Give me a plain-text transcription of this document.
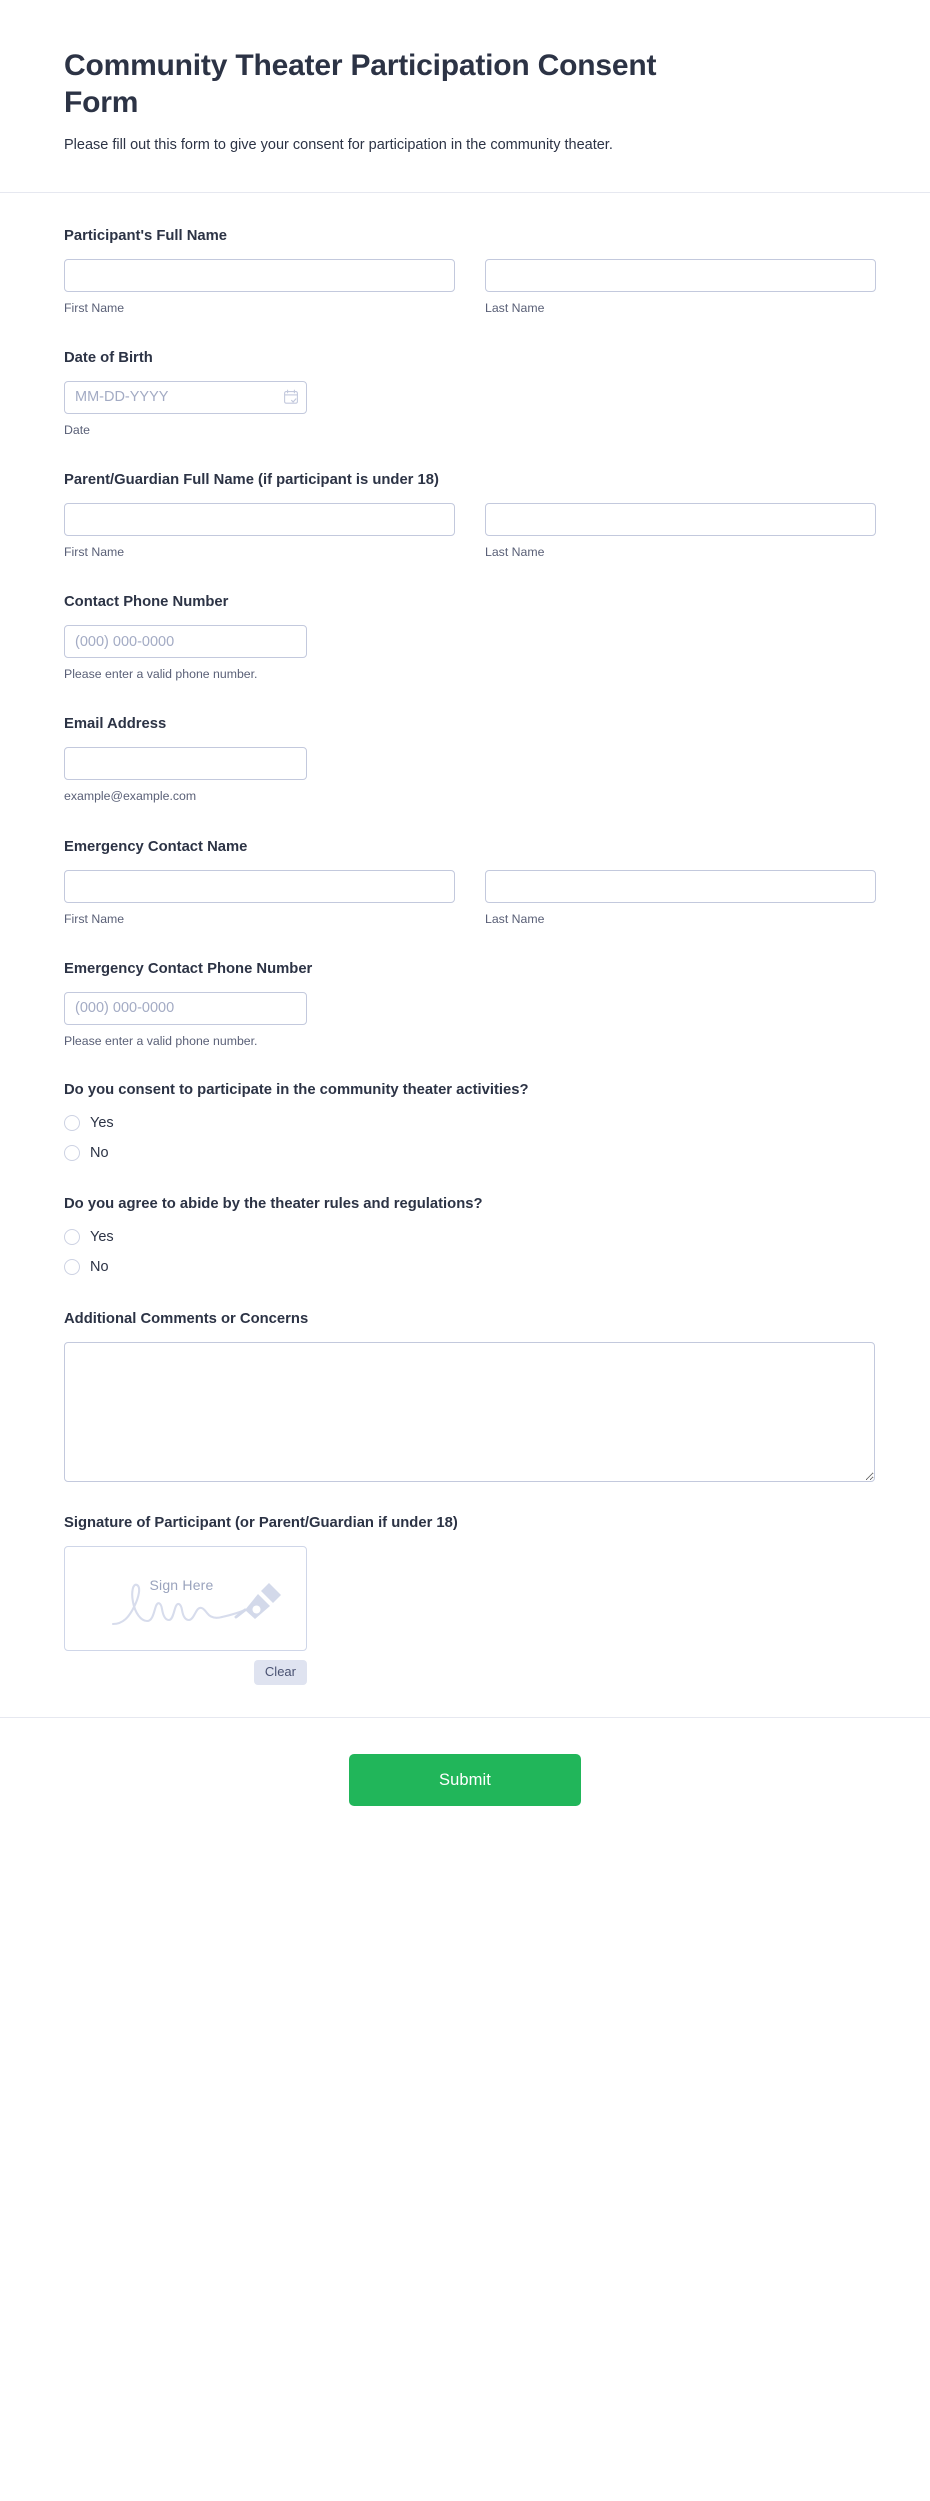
Community Theater Participation Consent Form

Please fill out this form to give your consent for participation in the community theater.

Participant's Full Name
First Name	Last Name
Date of Birth
MM-DD-YYYY
Date
Parent/Guardian Full Name (if participant is under 18)
First Name	Last Name
Contact Phone Number
(000) 000-0000
Please enter a valid phone number.
Email Address
example@example.com
Emergency Contact Name
First Name	Last Name
Emergency Contact Phone Number
(000) 000-0000
Please enter a valid phone number.
Do you consent to participate in the community theater activities?
Yes
No
Do you agree to abide by the theater rules and regulations?
Yes
No
Additional Comments or Concerns
Signature of Participant (or Parent/Guardian if under 18)
Sign Here
Clear
Submit
